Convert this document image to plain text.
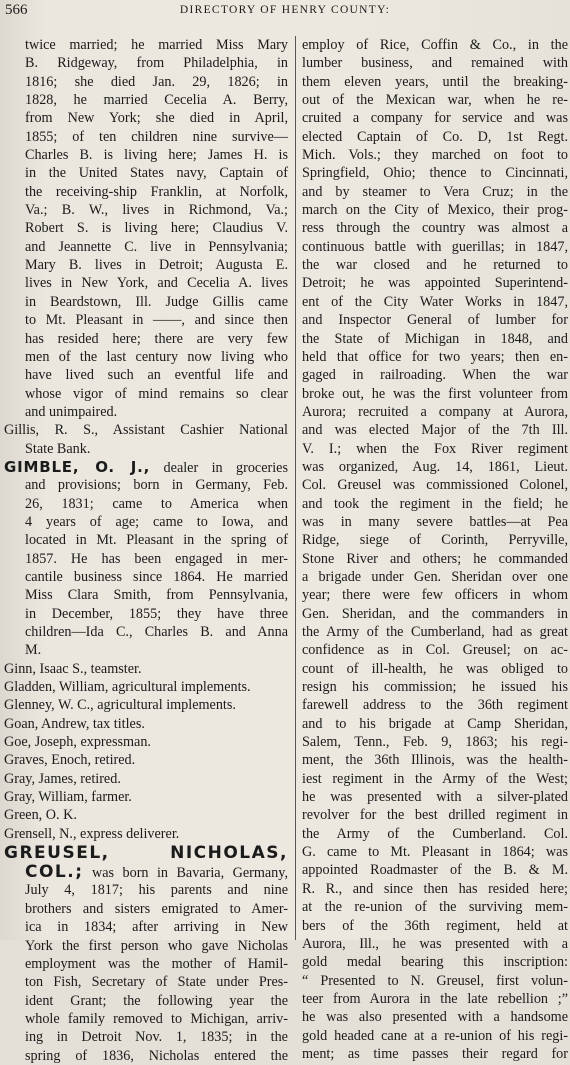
566	DIRECTORY OF HENRY COUNTY:
twice married; he married Miss Mary
B. Ridgeway, from Philadelphia, in
1816; she died Jan. 29, 1826; in
1828, he married Cecelia A. Berry,
from New York; she died in April,
1855; of ten children nine survive—
Charles B. is living here; James H. is
in the United States navy, Captain of
the receiving-ship Franklin, at Norfolk,
Va.; B. W., lives in Richmond, Va.;
Robert S. is living here; Claudius V.
and Jeannette C. live in Pennsylvania;
Mary B. lives in Detroit; Augusta E.
lives in New York, and Cecelia A. lives
in Beardstown, Ill. Judge Gillis came
to Mt. Pleasant in ——, and since then
has resided here; there are very few
men of the last century now living who
have lived such an eventful life and
whose vigor of mind remains so clear
and unimpaired.
Gillis, R. S., Assistant Cashier National
State Bank.
GIMBLE, O. J., dealer in groceries
and provisions; born in Germany, Feb.
26, 1831; came to America when
4 years of age; came to Iowa, and
located in Mt. Pleasant in the spring of
1857. He has been engaged in mer-
cantile business since 1864. He married
Miss Clara Smith, from Pennsylvania,
in December, 1855; they have three
children—Ida C., Charles B. and Anna
M.
Ginn, Isaac S., teamster.
Gladden, William, agricultural implements.
Glenney, W. C., agricultural implements.
Goan, Andrew, tax titles.
Goe, Joseph, expressman.
Graves, Enoch, retired.
Gray, James, retired.
Gray, William, farmer.
Green, O. K.
Grensell, N., express deliverer.
GREUSEL, NICHOLAS,
COL.; was born in Bavaria, Germany,
July 4, 1817; his parents and nine
brothers and sisters emigrated to Amer-
ica in 1834; after arriving in New
York the first person who gave Nicholas
employment was the mother of Hamil-
ton Fish, Secretary of State under Pres-
ident Grant; the following year the
whole family removed to Michigan, arriv-
ing in Detroit Nov. 1, 1835; in the
spring of 1836, Nicholas entered the
employ of Rice, Coffin & Co., in the
lumber business, and remained with
them eleven years, until the breaking-
out of the Mexican war, when he re-
cruited a company for service and was
elected Captain of Co. D, 1st Regt.
Mich. Vols.; they marched on foot to
Springfield, Ohio; thence to Cincinnati,
and by steamer to Vera Cruz; in the
march on the City of Mexico, their prog-
ress through the country was almost a
continuous battle with guerillas; in 1847,
the war closed and he returned to
Detroit; he was appointed Superintend-
ent of the City Water Works in 1847,
and Inspector General of lumber for
the State of Michigan in 1848, and
held that office for two years; then en-
gaged in railroading. When the war
broke out, he was the first volunteer from
Aurora; recruited a company at Aurora,
and was elected Major of the 7th Ill.
V. I.; when the Fox River regiment
was organized, Aug. 14, 1861, Lieut.
Col. Greusel was commissioned Colonel,
and took the regiment in the field; he
was in many severe battles—at Pea
Ridge, siege of Corinth, Perryville,
Stone River and others; he commanded
a brigade under Gen. Sheridan over one
year; there were few officers in whom
Gen. Sheridan, and the commanders in
the Army of the Cumberland, had as great
confidence as in Col. Greusel; on ac-
count of ill-health, he was obliged to
resign his commission; he issued his
farewell address to the 36th regiment
and to his brigade at Camp Sheridan,
Salem, Tenn., Feb. 9, 1863; his regi-
ment, the 36th Illinois, was the health-
iest regiment in the Army of the West;
he was presented with a silver-plated
revolver for the best drilled regiment in
the Army of the Cumberland. Col.
G. came to Mt. Pleasant in 1864; was
appointed Roadmaster of the B. & M.
R. R., and since then has resided here;
at the re-union of the surviving mem-
bers of the 36th regiment, held at
Aurora, Ill., he was presented with a
gold medal bearing this inscription:
“ Presented to N. Greusel, first volun-
teer from Aurora in the late rebellion ;”
he was also presented with a handsome
gold headed cane at a re-union of his regi-
ment; as time passes their regard for
